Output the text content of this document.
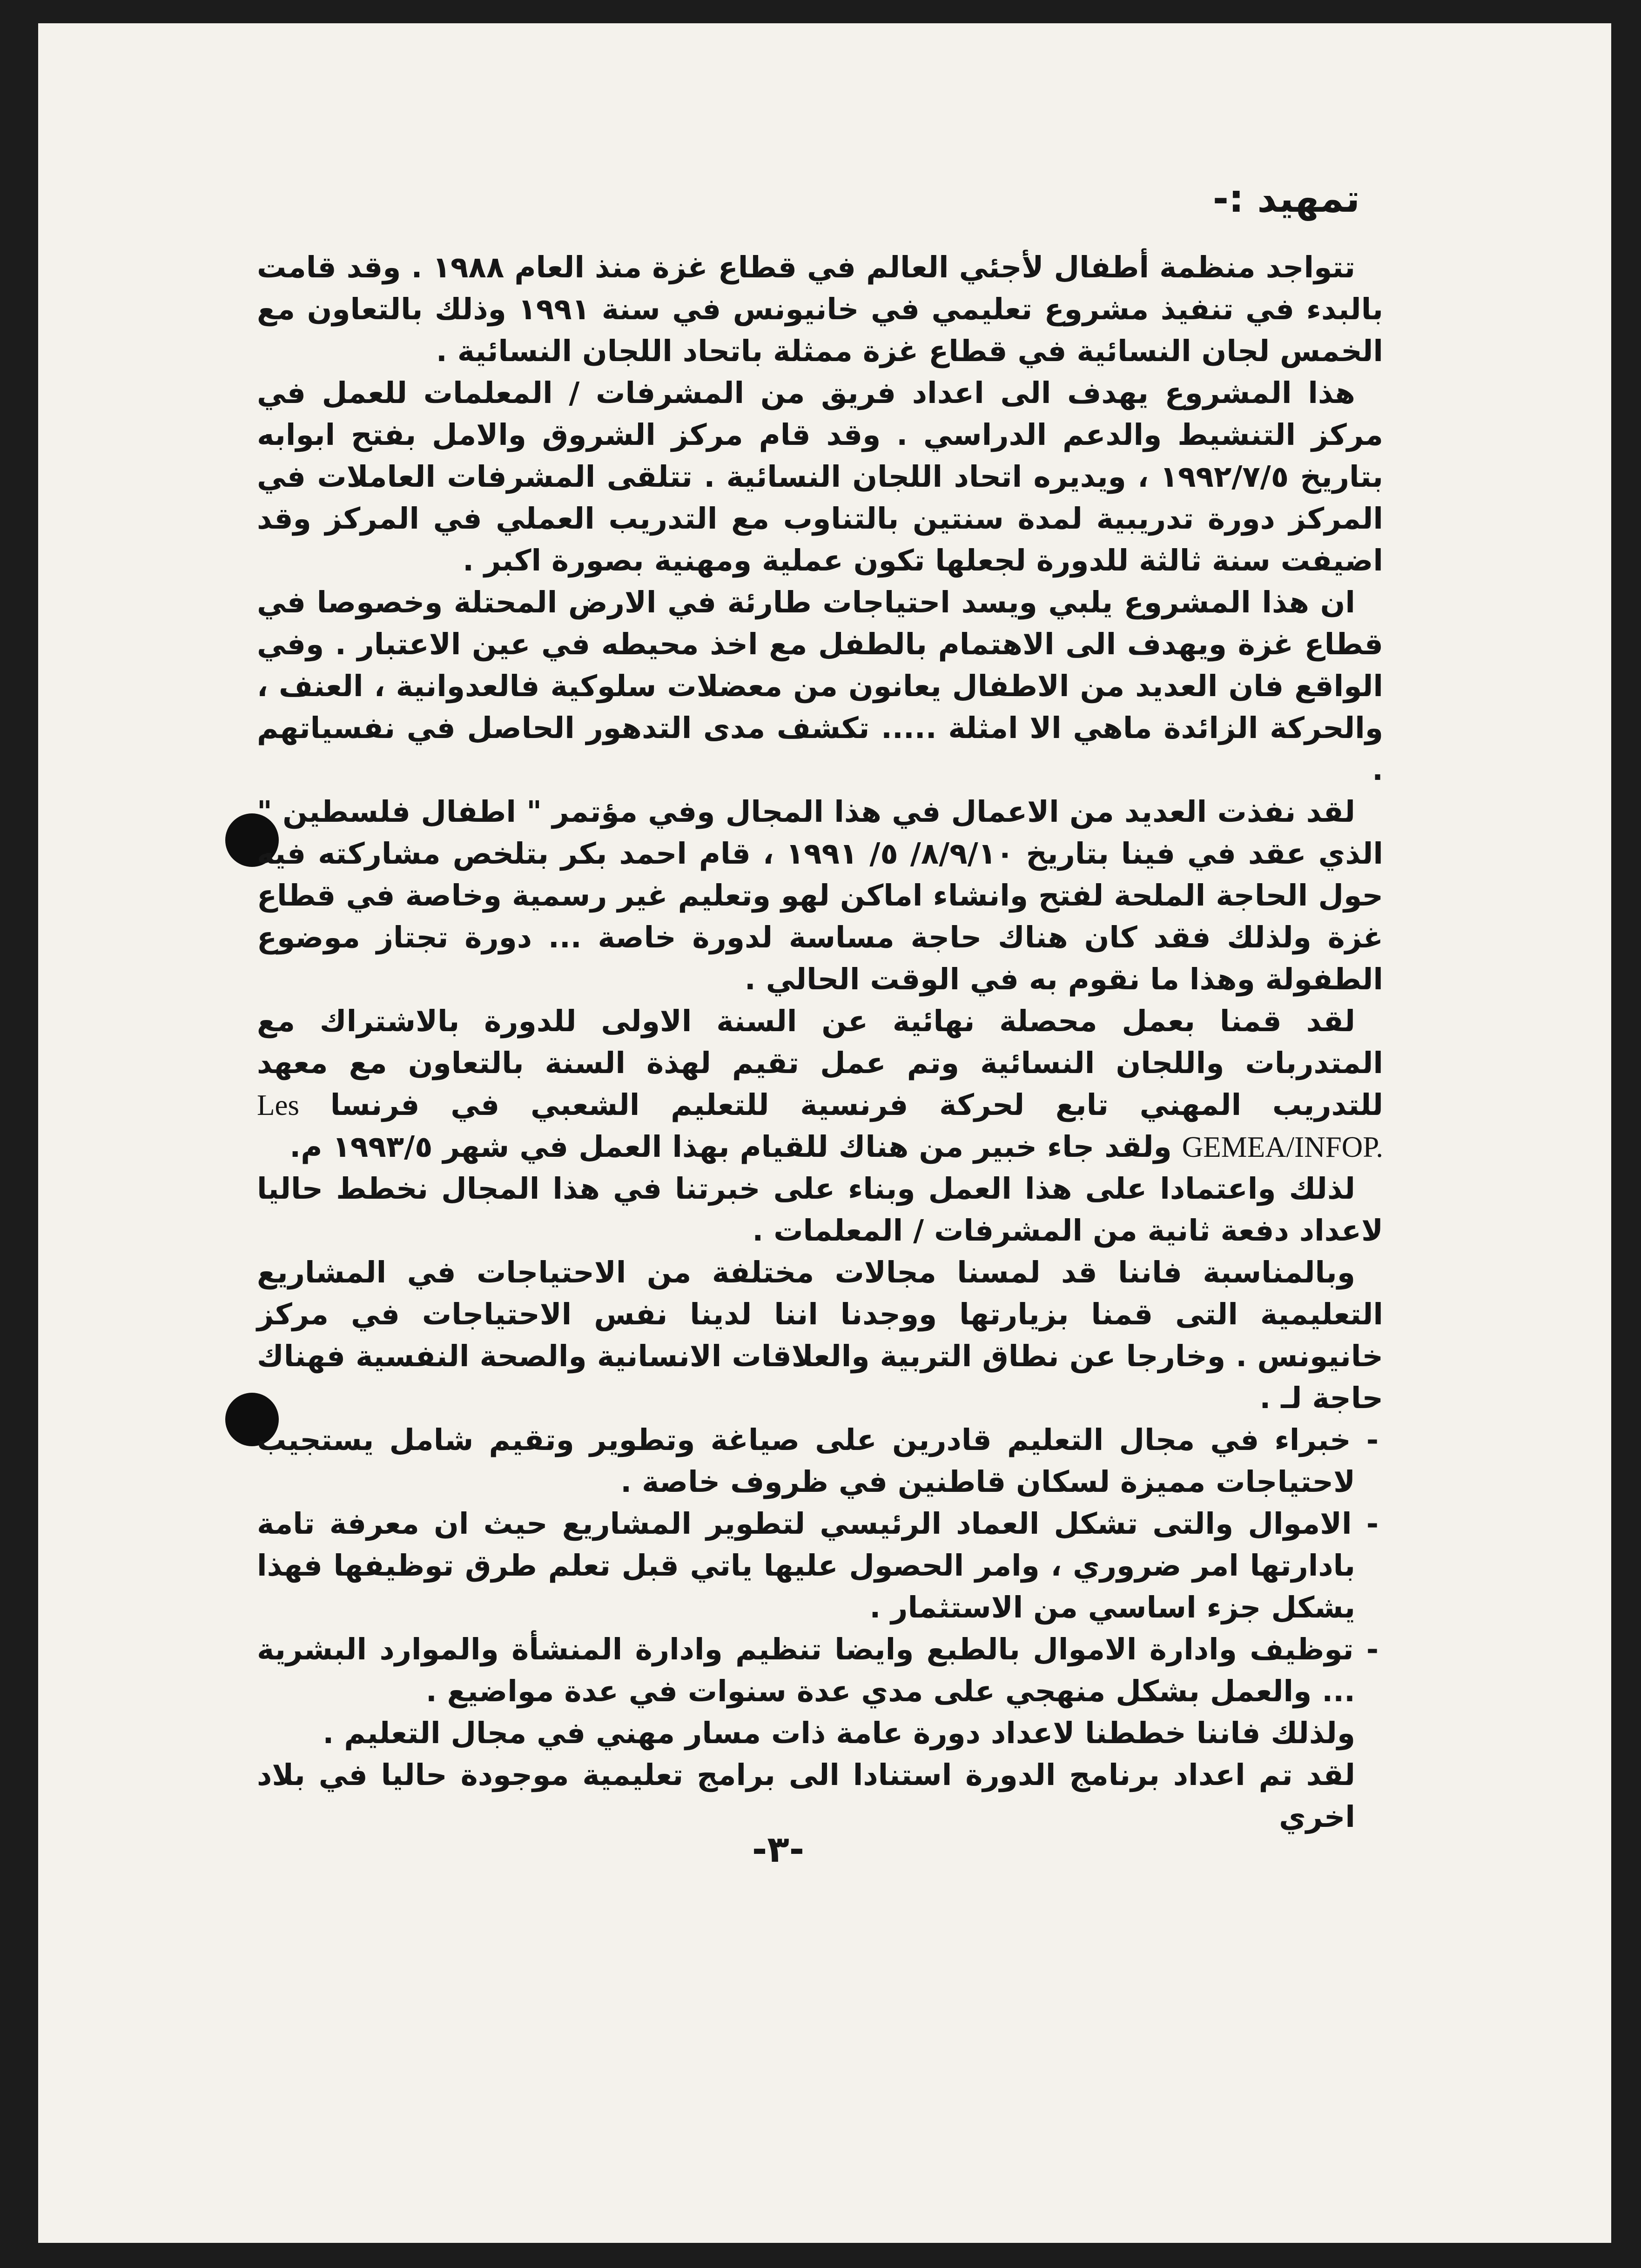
تمهيد :-

تتواجد منظمة أطفال لأجئي العالم في قطاع غزة منذ العام ١٩٨٨ . وقد قامت بالبدء في تنفيذ مشروع تعليمي في خانيونس في سنة ١٩٩١ وذلك بالتعاون مع الخمس لجان النسائية في قطاع غزة ممثلة باتحاد اللجان النسائية .

هذا المشروع يهدف الى اعداد فريق من المشرفات / المعلمات للعمل في مركز التنشيط والدعم الدراسي . وقد قام مركز الشروق والامل بفتح ابوابه بتاريخ ١٩٩٢/٧/٥ ، ويديره اتحاد اللجان النسائية . تتلقى المشرفات العاملات في المركز دورة تدريبية لمدة سنتين بالتناوب مع التدريب العملي في المركز وقد اضيفت سنة ثالثة للدورة لجعلها تكون عملية ومهنية بصورة اكبر .

ان هذا المشروع يلبي ويسد احتياجات طارئة في الارض المحتلة وخصوصا في قطاع غزة ويهدف الى الاهتمام بالطفل مع اخذ محيطه في عين الاعتبار . وفي الواقع فان العديد من الاطفال يعانون من معضلات سلوكية فالعدوانية ، العنف ، والحركة الزائدة ماهي الا امثلة ..... تكشف مدى التدهور الحاصل في نفسياتهم .

لقد نفذت العديد من الاعمال في هذا المجال وفي مؤتمر " اطفال فلسطين " الذي عقد في فينا بتاريخ ٨/٩/١٠/ ٥/ ١٩٩١ ، قام احمد بكر بتلخص مشاركته فيه حول الحاجة الملحة لفتح وانشاء اماكن لهو وتعليم غير رسمية وخاصة في قطاع غزة ولذلك فقد كان هناك حاجة مساسة لدورة خاصة ... دورة تجتاز موضوع الطفولة وهذا ما نقوم به في الوقت الحالي .

لقد قمنا بعمل محصلة نهائية عن السنة الاولى للدورة بالاشتراك مع المتدربات واللجان النسائية وتم عمل تقيم لهذة السنة بالتعاون مع معهد للتدريب المهني تابع لحركة فرنسية للتعليم الشعبي في فرنسا Les GEMEA/INFOP. ولقد جاء خبير من هناك للقيام بهذا العمل في شهر ١٩٩٣/٥ م.

لذلك واعتمادا على هذا العمل وبناء على خبرتنا في هذا المجال نخطط حاليا لاعداد دفعة ثانية من المشرفات / المعلمات .

وبالمناسبة فاننا قد لمسنا مجالات مختلفة من الاحتياجات في المشاريع التعليمية التى قمنا بزيارتها ووجدنا اننا لدينا نفس الاحتياجات في مركز خانيونس . وخارجا عن نطاق التربية والعلاقات الانسانية والصحة النفسية فهناك حاجة لـ .

- خبراء في مجال التعليم قادرين على صياغة وتطوير وتقيم شامل يستجيب لاحتياجات مميزة لسكان قاطنين في ظروف خاصة .

- الاموال والتى تشكل العماد الرئيسي لتطوير المشاريع حيث ان معرفة تامة بادارتها امر ضروري ، وامر الحصول عليها ياتي قبل تعلم طرق توظيفها فهذا يشكل جزء اساسي من الاستثمار .

- توظيف وادارة الاموال بالطبع وايضا تنظيم وادارة المنشأة والموارد البشرية ... والعمل بشكل منهجي على مدي عدة سنوات في عدة مواضيع .

ولذلك فاننا خططنا لاعداد دورة عامة ذات مسار مهني في مجال التعليم .

لقد تم اعداد برنامج الدورة استنادا الى برامج تعليمية موجودة حاليا في بلاد اخري

-٣-
